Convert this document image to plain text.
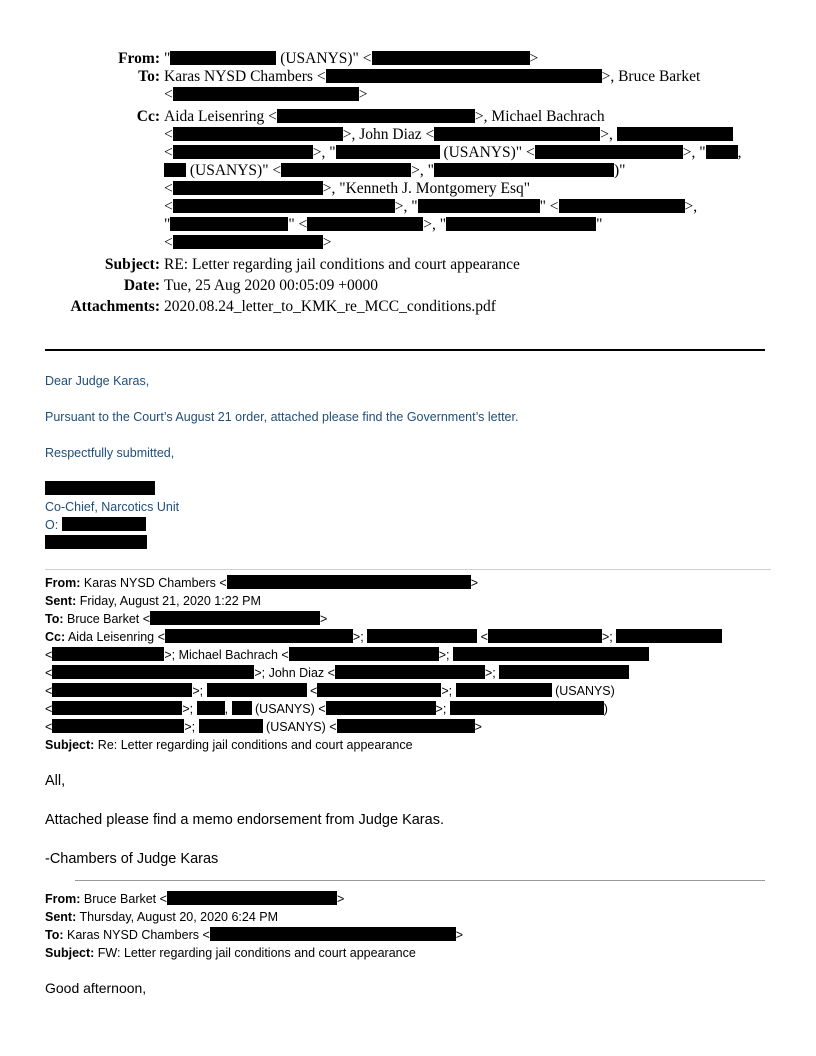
From: "	(USANYS)" <	>
To: Karas NYSD Chambers <	>, Bruce Barket
<	>
Cc: Aida Leisenring <	>, Michael Bachrach
<	>, John Diaz <	>,
<	>, "	(USANYS)" <	>, " ,
(USANYS)" <	>, "	)"
<	>, "Kenneth J. Montgomery Esq"
<	>, "	" <	>,
"	" <	>, "	"
<	>
Subject: RE: Letter regarding jail conditions and court appearance
Date: Tue, 25 Aug 2020 00:05:09 +0000
Attachments: 2020.08.24_letter_to_KMK_re_MCC_conditions.pdf

Dear Judge Karas,

Pursuant to the Court’s August 21 order, attached please find the Government’s letter.

Respectfully submitted,

Co-Chief, Narcotics Unit
O:
From: Karas NYSD Chambers <	>
Sent: Friday, August 21, 2020 1:22 PM
To: Bruce Barket <	>
Cc: Aida Leisenring <	>;	<	>;
<	>; Michael Bachrach <	>;
<	>; John Diaz <	>;
<	>;	<	>;	(USANYS)
<	>; ,  (USANYS) <	>;	)
<	>;	(USANYS) <	>
Subject: Re: Letter regarding jail conditions and court appearance

All,

Attached please find a memo endorsement from Judge Karas.

-Chambers of Judge Karas

From: Bruce Barket <	>
Sent: Thursday, August 20, 2020 6:24 PM
To: Karas NYSD Chambers <	>
Subject: FW: Letter regarding jail conditions and court appearance
Good afternoon,
